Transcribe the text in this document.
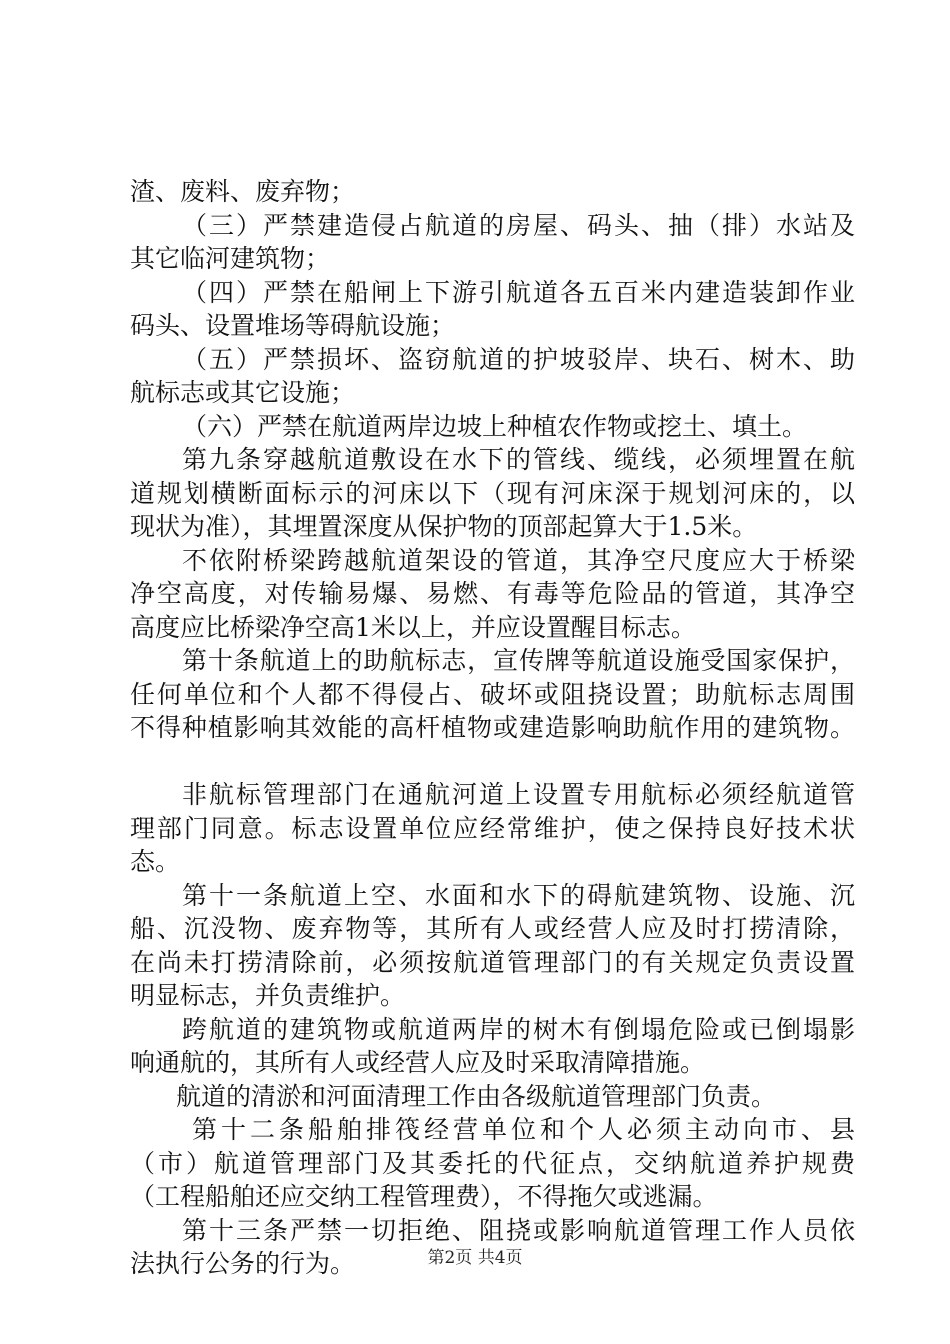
渣、废料、废弃物；
（三）严禁建造侵占航道的房屋、码头、抽（排）水站及
其它临河建筑物；
（四）严禁在船闸上下游引航道各五百米内建造装卸作业
码头、设置堆场等碍航设施；
（五）严禁损坏、盗窃航道的护坡驳岸、块石、树木、助
航标志或其它设施；
（六）严禁在航道两岸边坡上种植农作物或挖土、填土。
第九条穿越航道敷设在水下的管线、缆线，必须埋置在航
道规划横断面标示的河床以下（现有河床深于规划河床的，以
现状为准），其埋置深度从保护物的顶部起算大于1.5米。
不依附桥梁跨越航道架设的管道，其净空尺度应大于桥梁
净空高度，对传输易爆、易燃、有毒等危险品的管道，其净空
高度应比桥梁净空高1米以上，并应设置醒目标志。
第十条航道上的助航标志，宣传牌等航道设施受国家保护，
任何单位和个人都不得侵占、破坏或阻挠设置；助航标志周围
不得种植影响其效能的高杆植物或建造影响助航作用的建筑物。
非航标管理部门在通航河道上设置专用航标必须经航道管
理部门同意。标志设置单位应经常维护，使之保持良好技术状
态。
第十一条航道上空、水面和水下的碍航建筑物、设施、沉
船、沉没物、废弃物等，其所有人或经营人应及时打捞清除，
在尚未打捞清除前，必须按航道管理部门的有关规定负责设置
明显标志，并负责维护。
跨航道的建筑物或航道两岸的树木有倒塌危险或已倒塌影
响通航的，其所有人或经营人应及时采取清障措施。
航道的清淤和河面清理工作由各级航道管理部门负责。
第十二条船舶排筏经营单位和个人必须主动向市、县
（市）航道管理部门及其委托的代征点，交纳航道养护规费
（工程船舶还应交纳工程管理费），不得拖欠或逃漏。
第十三条严禁一切拒绝、阻挠或影响航道管理工作人员依
法执行公务的行为。	第2页 共4页
